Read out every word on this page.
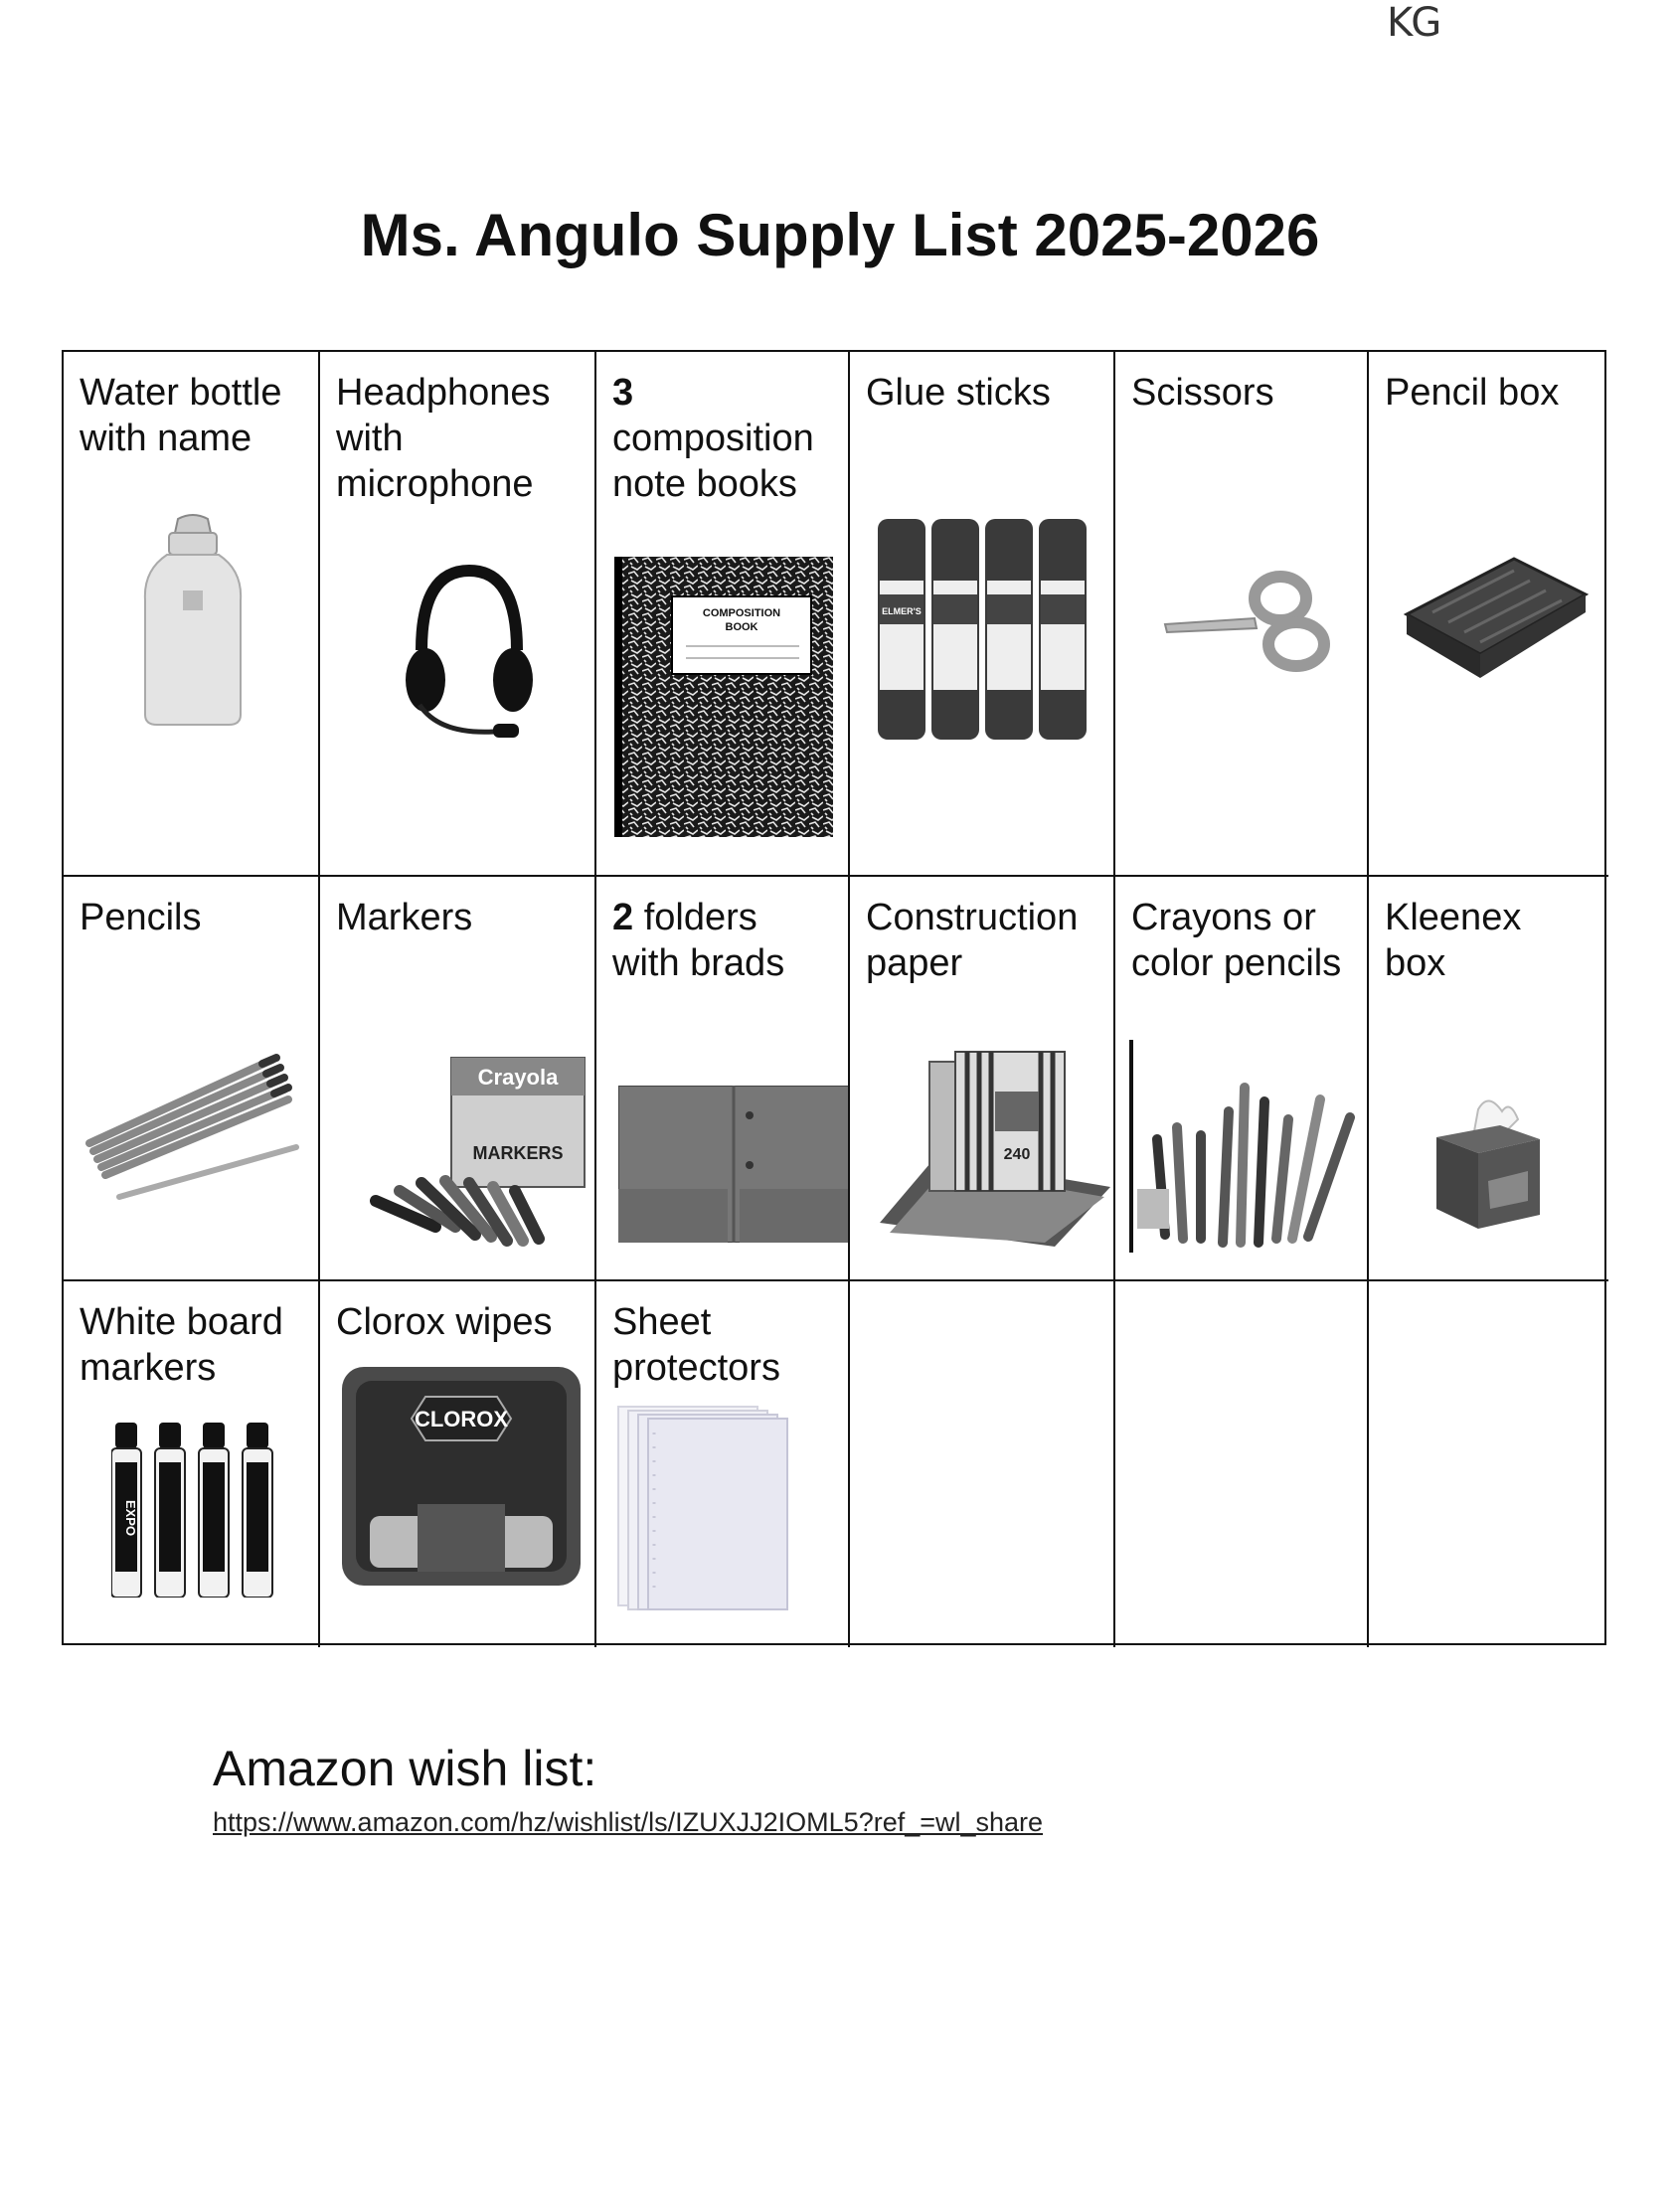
KG
Ms. Angulo Supply List 2025-2026
Water bottle
with name
Headphones
with
microphone
3
composition
note books
COMPOSITION BOOK
Glue sticks
ELMER'S
Scissors	Pencil box
Pencils	Markers
Crayola
MARKERS
2 folders
with brads
Construction
paper
240
Crayons or
color pencils
Kleenex
box
White board
markers
EXPO
Clorox wipes
CLOROX
Sheet
protectors
Amazon wish list:
https://www.amazon.com/hz/wishlist/ls/IZUXJJ2IOML5?ref_=wl_share
